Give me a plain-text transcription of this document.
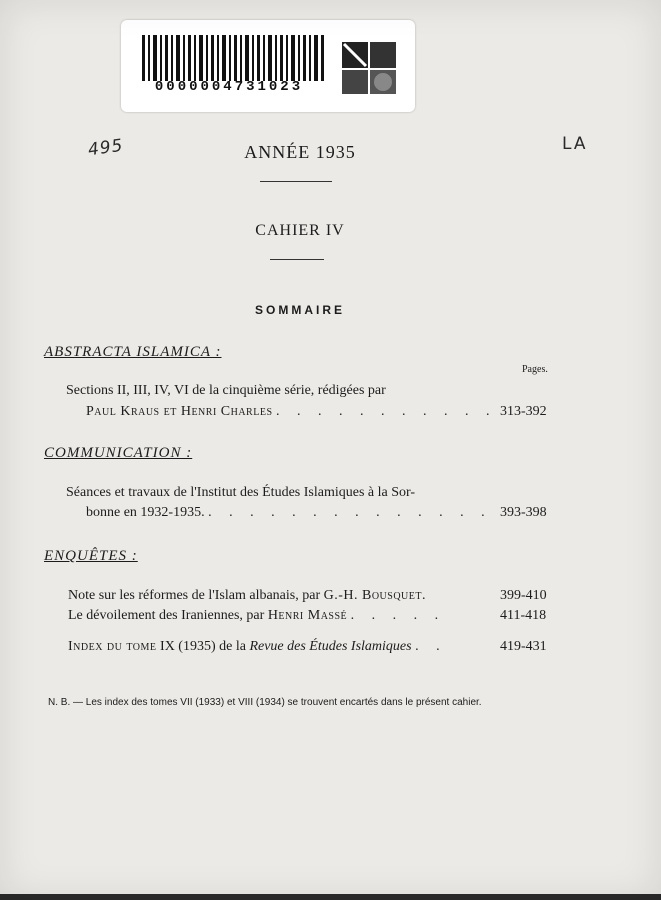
0000004731023
495	LA
ANNÉE 1935
CAHIER IV
SOMMAIRE
ABSTRACTA ISLAMICA :
Pages.
Sections II, III, IV, VI de la cinquième série, rédigées par
Paul Kraus et Henri Charles . . . . . . . . . . . 313-392
COMMUNICATION :
Séances et travaux de l'Institut des Études Islamiques à la Sor-
bonne en 1932-1935. . . . . . . . . . . . . . . 393-398
ENQUÊTES :
Note sur les réformes de l'Islam albanais, par G.-H. Bousquet.	399-410
Le dévoilement des Iraniennes, par Henri Massé . . . . .	411-418
Index du tome IX (1935) de la Revue des Études Islamiques . .	419-431
N. B. — Les index des tomes VII (1933) et VIII (1934) se trouvent encartés dans le présent cahier.
